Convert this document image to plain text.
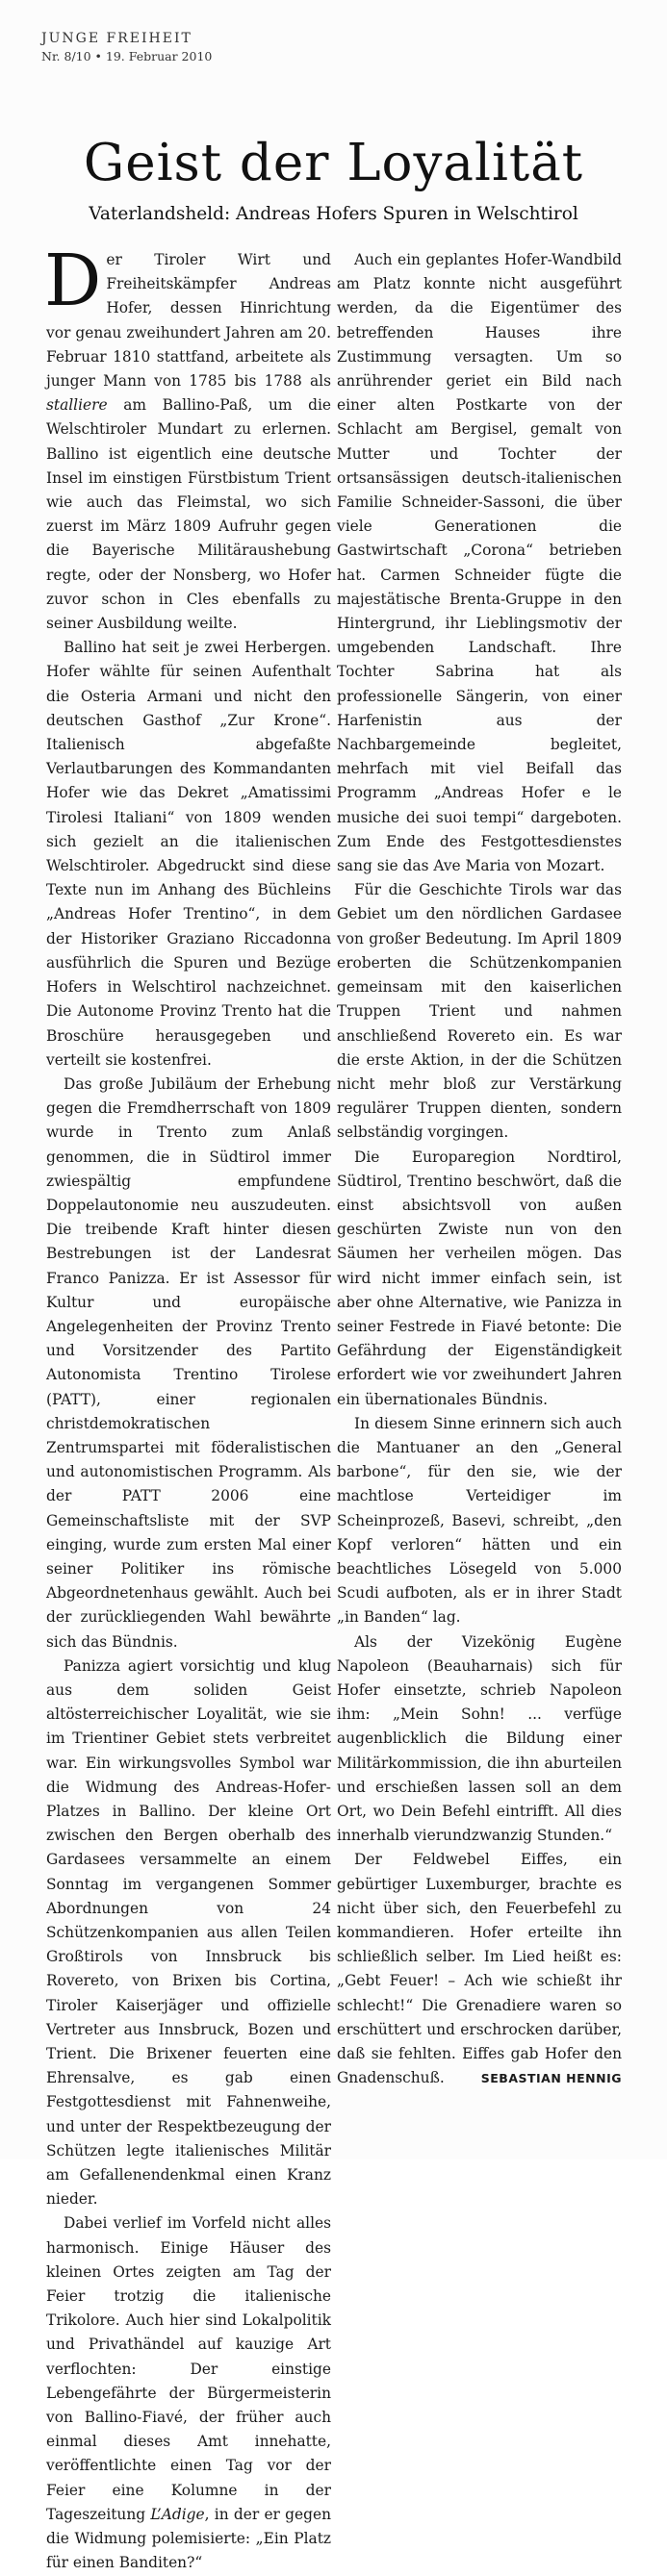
JUNGE FREIHEIT
Nr. 8/10 • 19. Februar 2010
Geist der Loyalität
Vaterlandsheld: Andreas Hofers Spuren in Welschtirol

Der Tiroler Wirt und Freiheitskämpfer Andreas Hofer, dessen Hinrichtung vor genau zweihundert Jahren am 20. Februar 1810 stattfand, arbeitete als junger Mann von 1785 bis 1788 als stalliere am Ballino-Paß, um die Welschtiroler Mundart zu erlernen. Ballino ist eigentlich eine deutsche Insel im einstigen Fürstbistum Trient wie auch das Fleimstal, wo sich zuerst im März 1809 Aufruhr gegen die Bayerische Militäraushebung regte, oder der Nonsberg, wo Hofer zuvor schon in Cles ebenfalls zu seiner Ausbildung weilte.

Ballino hat seit je zwei Herbergen. Hofer wählte für seinen Aufenthalt die Osteria Armani und nicht den deutschen Gasthof „Zur Krone“. Italienisch abgefaßte Verlautbarungen des Kommandanten Hofer wie das Dekret „Amatissimi Tirolesi Italiani“ von 1809 wenden sich gezielt an die italienischen Welschtiroler. Abgedruckt sind diese Texte nun im Anhang des Büchleins „Andreas Hofer Trentino“, in dem der Historiker Graziano Riccadonna ausführlich die Spuren und Bezüge Hofers in Welschtirol nachzeichnet. Die Autonome Provinz Trento hat die Broschüre herausgegeben und verteilt sie kostenfrei.

Das große Jubiläum der Erhebung gegen die Fremdherrschaft von 1809 wurde in Trento zum Anlaß genommen, die in Südtirol immer zwiespältig empfundene Doppelautonomie neu auszudeuten. Die treibende Kraft hinter diesen Bestrebungen ist der Landesrat Franco Panizza. Er ist Assessor für Kultur und europäische Angelegenheiten der Provinz Trento und Vorsitzender des Partito Autonomista Trentino Tirolese (PATT), einer regionalen christdemokratischen Zentrumspartei mit föderalistischen und autonomistischen Programm. Als der PATT 2006 eine Gemeinschaftsliste mit der SVP einging, wurde zum ersten Mal einer seiner Politiker ins römische Abgeordnetenhaus gewählt. Auch bei der zurückliegenden Wahl bewährte sich das Bündnis.

Panizza agiert vorsichtig und klug aus dem soliden Geist altösterreichischer Loyalität, wie sie im Trientiner Gebiet stets verbreitet war. Ein wirkungsvolles Symbol war die Widmung des Andreas-Hofer-Platzes in Ballino. Der kleine Ort zwischen den Bergen oberhalb des Gardasees versammelte an einem Sonntag im vergangenen Sommer Abordnungen von 24 Schützenkompanien aus allen Teilen Großtirols von Innsbruck bis Rovereto, von Brixen bis Cortina, Tiroler Kaiserjäger und offizielle Vertreter aus Innsbruck, Bozen und Trient. Die Brixener feuerten eine Ehrensalve, es gab einen Festgottesdienst mit Fahnenweihe, und unter der Respektbezeugung der Schützen legte italienisches Militär am Gefallenendenkmal einen Kranz nieder.

Dabei verlief im Vorfeld nicht alles harmonisch. Einige Häuser des kleinen Ortes zeigten am Tag der Feier trotzig die italienische Trikolore. Auch hier sind Lokalpolitik und Privathändel auf kauzige Art verflochten: Der einstige Lebengefährte der Bürgermeisterin von Ballino-Fiavé, der früher auch einmal dieses Amt innehatte, veröffentlichte einen Tag vor der Feier eine Kolumne in der Tageszeitung L’Adige, in der er gegen die Widmung polemisierte: „Ein Platz für einen Banditen?“

Auch ein geplantes Hofer-Wandbild am Platz konnte nicht ausgeführt werden, da die Eigentümer des betreffenden Hauses ihre Zustimmung versagten. Um so anrührender geriet ein Bild nach einer alten Postkarte von der Schlacht am Bergisel, gemalt von Mutter und Tochter der ortsansässigen deutsch-italienischen Familie Schneider-Sassoni, die über viele Generationen die Gastwirtschaft „Corona“ betrieben hat. Carmen Schneider fügte die majestätische Brenta-Gruppe in den Hintergrund, ihr Lieblingsmotiv der umgebenden Landschaft. Ihre Tochter Sabrina hat als professionelle Sängerin, von einer Harfenistin aus der Nachbargemeinde begleitet, mehrfach mit viel Beifall das Programm „Andreas Hofer e le musiche dei suoi tempi“ dargeboten. Zum Ende des Festgottesdienstes sang sie das Ave Maria von Mozart.

Für die Geschichte Tirols war das Gebiet um den nördlichen Gardasee von großer Bedeutung. Im April 1809 eroberten die Schützenkompanien gemeinsam mit den kaiserlichen Truppen Trient und nahmen anschließend Rovereto ein. Es war die erste Aktion, in der die Schützen nicht mehr bloß zur Verstärkung regulärer Truppen dienten, sondern selbständig vorgingen.

Die Europaregion Nordtirol, Südtirol, Trentino beschwört, daß die einst absichtsvoll von außen geschürten Zwiste nun von den Säumen her verheilen mögen. Das wird nicht immer einfach sein, ist aber ohne Alternative, wie Panizza in seiner Festrede in Fiavé betonte: Die Gefährdung der Eigenständigkeit erfordert wie vor zweihundert Jahren ein übernationales Bündnis.

In diesem Sinne erinnern sich auch die Mantuaner an den „General barbone“, für den sie, wie der machtlose Verteidiger im Scheinprozeß, Basevi, schreibt, „den Kopf verloren“ hätten und ein beachtliches Lösegeld von 5.000 Scudi aufboten, als er in ihrer Stadt „in Banden“ lag.

Als der Vizekönig Eugène Napoleon (Beauharnais) sich für Hofer einsetzte, schrieb Napoleon ihm: „Mein Sohn! ... verfüge augenblicklich die Bildung einer Militärkommission, die ihn aburteilen und erschießen lassen soll an dem Ort, wo Dein Befehl eintrifft. All dies innerhalb vierundzwanzig Stunden.“

Der Feldwebel Eiffes, ein gebürtiger Luxemburger, brachte es nicht über sich, den Feuerbefehl zu kommandieren. Hofer erteilte ihn schließlich selber. Im Lied heißt es: „Gebt Feuer! – Ach wie schießt ihr schlecht!“ Die Grenadiere waren so erschüttert und erschrocken darüber, daß sie fehlten. Eiffes gab Hofer den Gnadenschuß.	SEBASTIAN HENNIG
